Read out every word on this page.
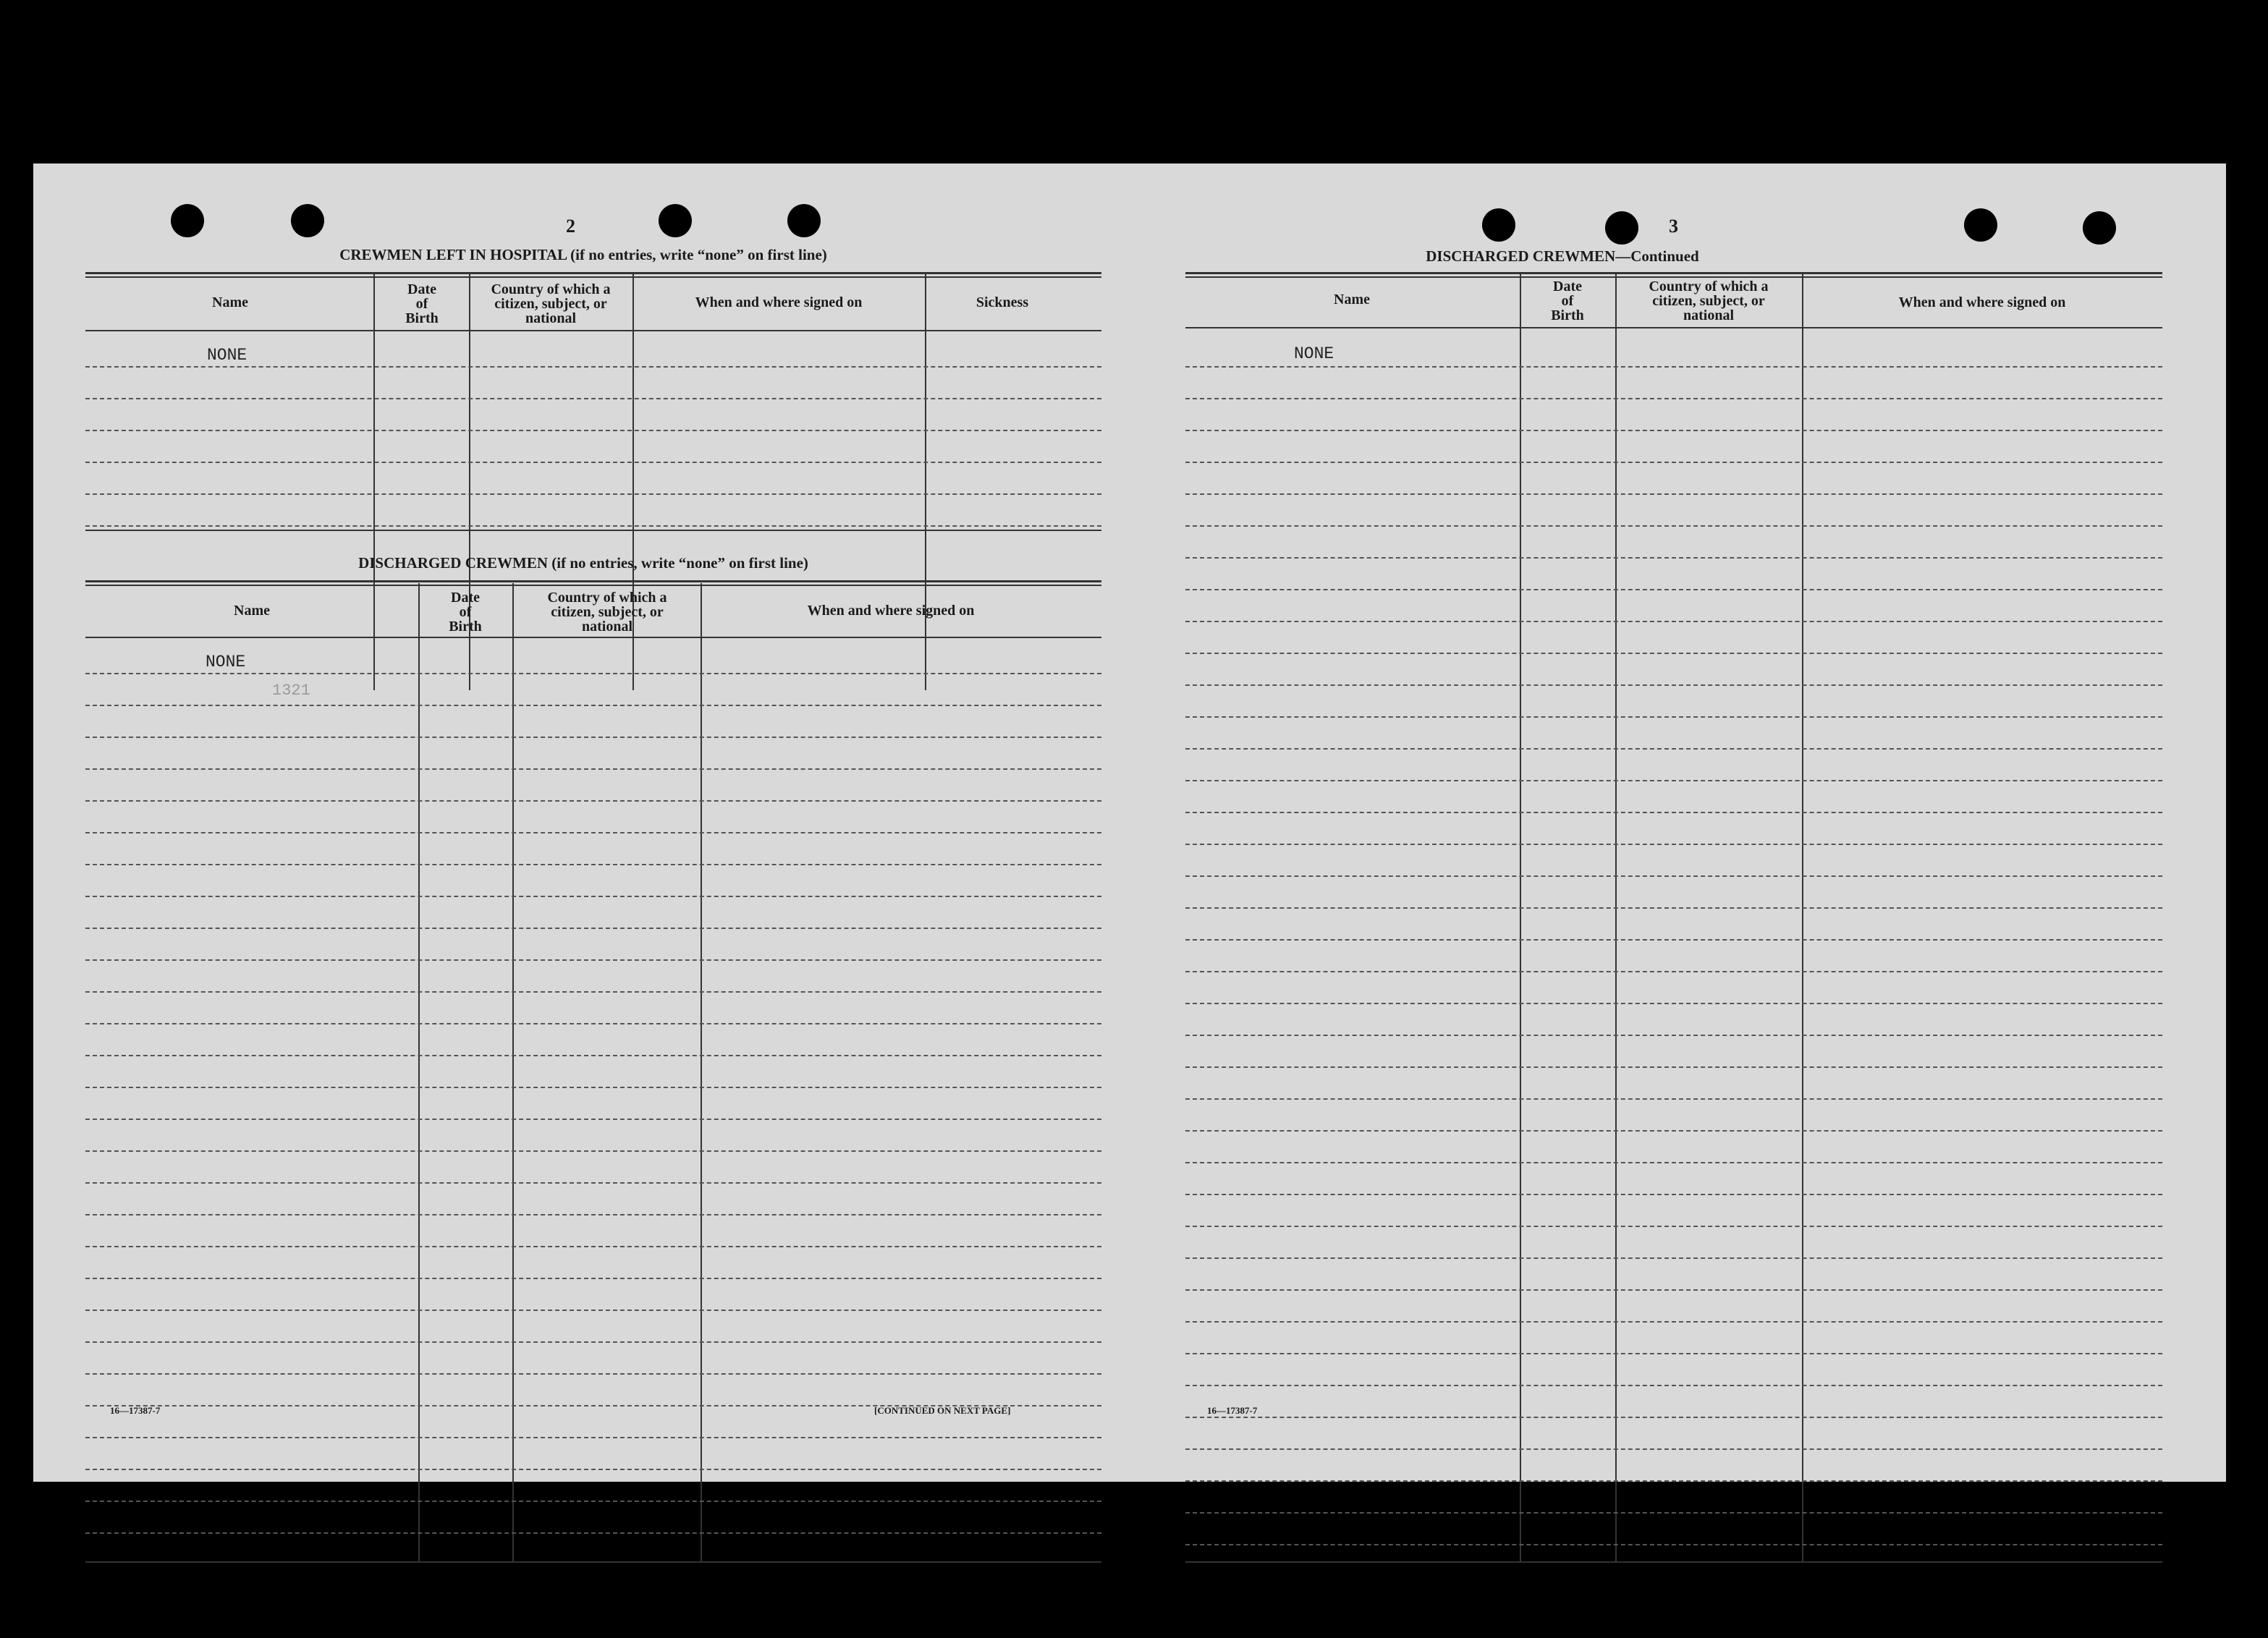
2
CREWMEN LEFT IN HOSPITAL (if no entries, write “none” on first line)
Name
Date
of
Birth
Country of which a
citizen, subject, or
national
When and where signed on	Sickness
NONE
DISCHARGED CREWMEN (if no entries, write “none” on first line)
Name
Date
of
Birth
Country of which a
citizen, subject, or
national
When and where signed on
NONE
1321
16—17387-7	[CONTINUED ON NEXT PAGE]
3
DISCHARGED CREWMEN—Continued
Name
Date
of
Birth
Country of which a
citizen, subject, or
national
When and where signed on
NONE
16—17387-7
